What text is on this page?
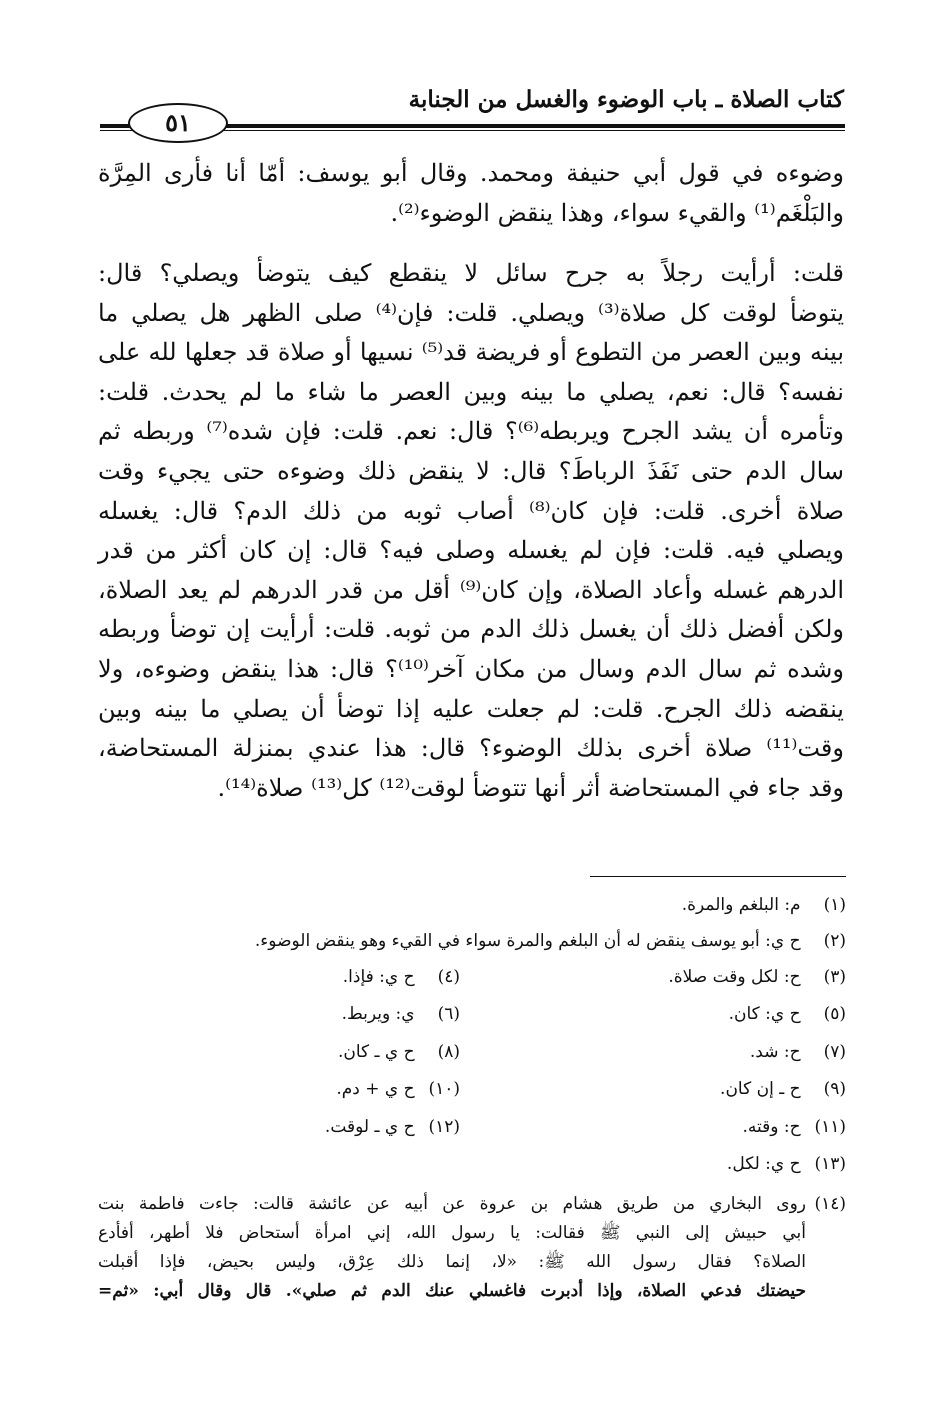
كتاب الصلاة ـ باب الوضوء والغسل من الجنابة
٥١
وضوءه في قول أبي حنيفة ومحمد. وقال أبو يوسف: أمّا أنا فأرى المِرَّة
والبَلْغَم⁽¹⁾ والقيء سواء، وهذا ينقض الوضوء⁽²⁾.
قلت: أرأيت رجلاً به جرح سائل لا ينقطع كيف يتوضأ ويصلي؟ قال:
يتوضأ لوقت كل صلاة⁽³⁾ ويصلي. قلت: فإن⁽⁴⁾ صلى الظهر هل يصلي ما
بينه وبين العصر من التطوع أو فريضة قد⁽⁵⁾ نسيها أو صلاة قد جعلها لله على
نفسه؟ قال: نعم، يصلي ما بينه وبين العصر ما شاء ما لم يحدث. قلت:
وتأمره أن يشد الجرح ويربطه⁽⁶⁾؟ قال: نعم. قلت: فإن شده⁽⁷⁾ وربطه ثم
سال الدم حتى نَفَذَ الرباطَ؟ قال: لا ينقض ذلك وضوءه حتى يجيء وقت
صلاة أخرى. قلت: فإن كان⁽⁸⁾ أصاب ثوبه من ذلك الدم؟ قال: يغسله
ويصلي فيه. قلت: فإن لم يغسله وصلى فيه؟ قال: إن كان أكثر من قدر
الدرهم غسله وأعاد الصلاة، وإن كان⁽⁹⁾ أقل من قدر الدرهم لم يعد الصلاة،
ولكن أفضل ذلك أن يغسل ذلك الدم من ثوبه. قلت: أرأيت إن توضأ وربطه
وشده ثم سال الدم وسال من مكان آخر⁽¹⁰⁾؟ قال: هذا ينقض وضوءه، ولا
ينقضه ذلك الجرح. قلت: لم جعلت عليه إذا توضأ أن يصلي ما بينه وبين
وقت⁽¹¹⁾ صلاة أخرى بذلك الوضوء؟ قال: هذا عندي بمنزلة المستحاضة،
وقد جاء في المستحاضة أثر أنها تتوضأ لوقت⁽¹²⁾ كل⁽¹³⁾ صلاة⁽¹⁴⁾.
(١) م: البلغم والمرة.
(٢) ح ي: أبو يوسف ينقض له أن البلغم والمرة سواء في القيء وهو ينقض الوضوء.
(٣) ح: لكل وقت صلاة.
(٤) ح ي: فإذا.
(٥) ح ي: كان.
(٦) ي: ويربط.
(٧) ح: شد.
(٨) ح ي ـ كان.
(٩) ح ـ إن كان.
(١٠) ح ي + دم.
(١١) ح: وقته.
(١٢) ح ي ـ لوقت.
(١٣) ح ي: لكل.
(١٤)روى البخاري من طريق هشام بن عروة عن أبيه عن عائشة قالت: جاءت فاطمة بنت
أبي حبيش إلى النبي ﷺ فقالت: يا رسول الله، إني امرأة أستحاض فلا أطهر، أفأدع
الصلاة؟ فقال رسول الله ﷺ: «لا، إنما ذلك عِرْق، وليس بحيض، فإذا أقبلت
حيضتك فدعي الصلاة، وإذا أدبرت فاغسلي عنك الدم ثم صلي». قال وقال أبي: «ثم=
